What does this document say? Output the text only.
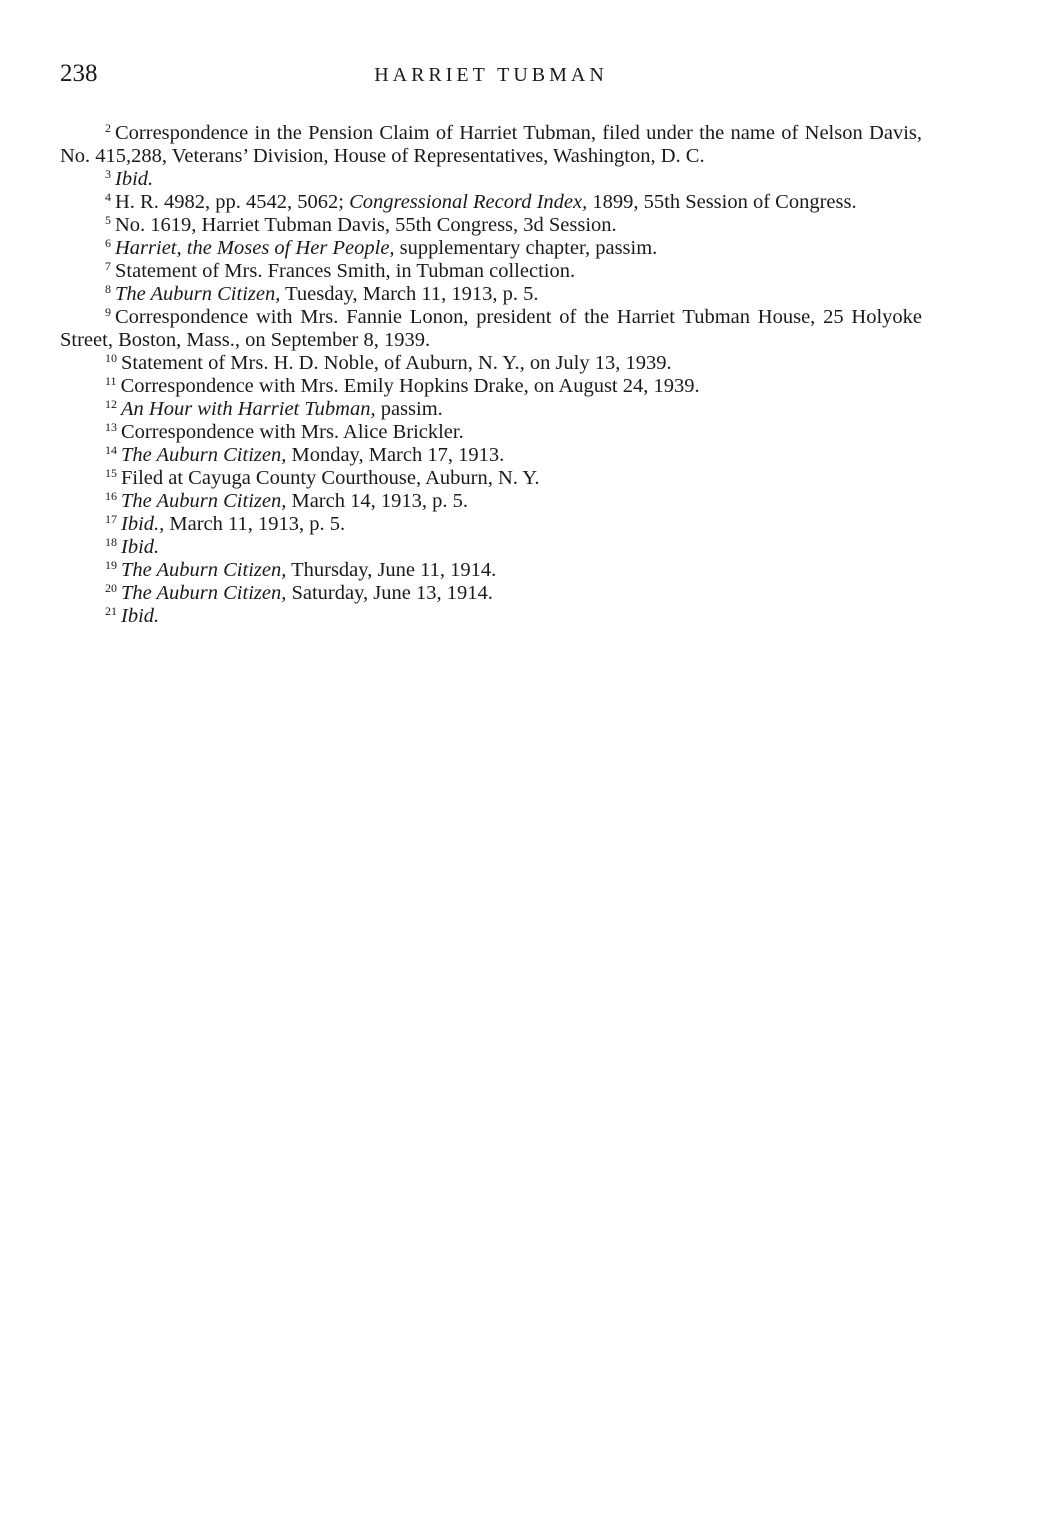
238	HARRIET TUBMAN

$^2$ Correspondence in the Pension Claim of Harriet Tubman, filed under the name of Nelson Davis, No. 415,288, Veterans’ Division, House of Representatives, Washington, D. C.

$^3$ Ibid.

$^4$ H. R. 4982, pp. 4542, 5062; Congressional Record Index, 1899, 55th Session of Congress.

$^5$ No. 1619, Harriet Tubman Davis, 55th Congress, 3d Session.

$^6$ Harriet, the Moses of Her People, supplementary chapter, passim.

$^7$ Statement of Mrs. Frances Smith, in Tubman collection.

$^8$ The Auburn Citizen, Tuesday, March 11, 1913, p. 5.

$^9$ Correspondence with Mrs. Fannie Lonon, president of the Harriet Tubman House, 25 Holyoke Street, Boston, Mass., on September 8, 1939.

$^{10}$ Statement of Mrs. H. D. Noble, of Auburn, N. Y., on July 13, 1939.

$^{11}$ Correspondence with Mrs. Emily Hopkins Drake, on August 24, 1939.

$^{12}$ An Hour with Harriet Tubman, passim.

$^{13}$ Correspondence with Mrs. Alice Brickler.

$^{14}$ The Auburn Citizen, Monday, March 17, 1913.

$^{15}$ Filed at Cayuga County Courthouse, Auburn, N. Y.

$^{16}$ The Auburn Citizen, March 14, 1913, p. 5.

$^{17}$ Ibid., March 11, 1913, p. 5.

$^{18}$ Ibid.

$^{19}$ The Auburn Citizen, Thursday, June 11, 1914.

$^{20}$ The Auburn Citizen, Saturday, June 13, 1914.

$^{21}$ Ibid.
